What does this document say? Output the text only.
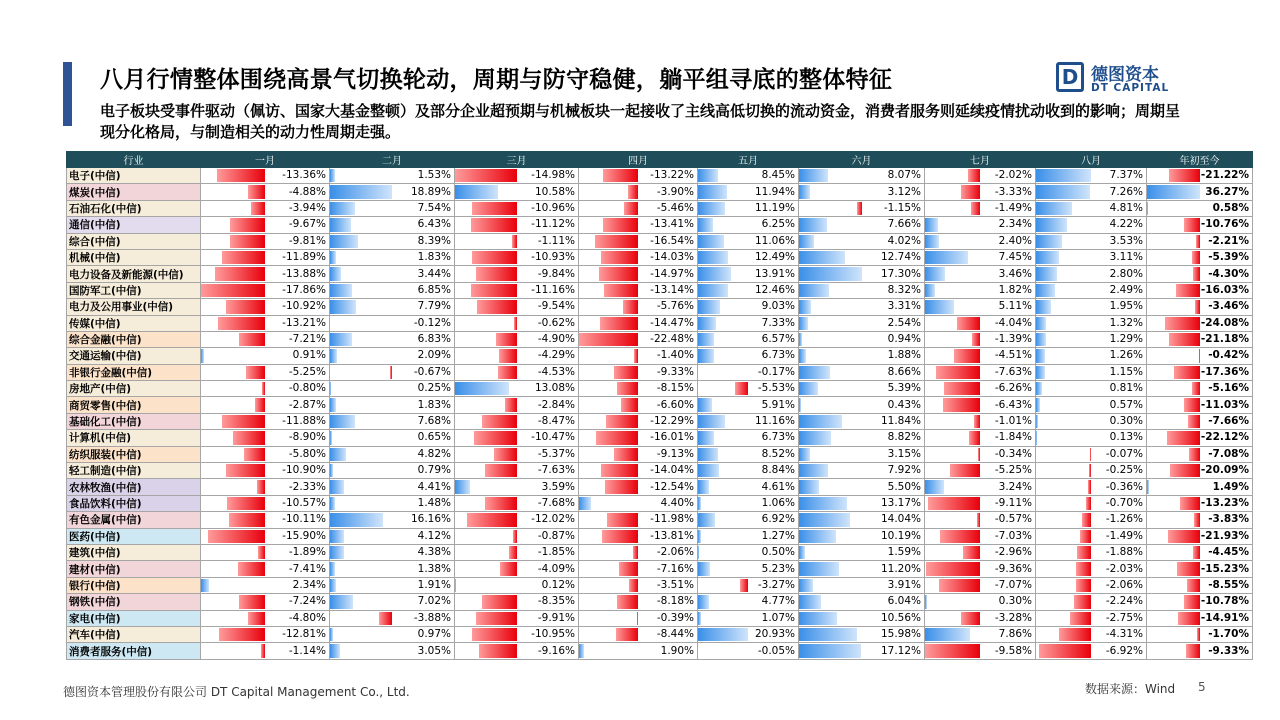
八月行情整体围绕高景气切换轮动，周期与防守稳健，躺平组寻底的整体特征
电子板块受事件驱动（佩访、国家大基金整顿）及部分企业超预期与机械板块一起接收了主线高低切换的流动资金，消费者服务则延续疫情扰动收到的影响；周期呈现分化格局，与制造相关的动力性周期走强。
D 德图资本
DT CAPITAL
行业	一月	二月	三月	四月	五月	六月	七月	八月	年初至今
电子(中信)	-13.36%	1.53%	-14.98%	-13.22%	8.45%	8.07%	-2.02%	7.37%	-21.22%

煤炭(中信)	-4.88%	18.89%	10.58%	-3.90%	11.94%	3.12%	-3.33%	7.26%	36.27%

石油石化(中信)	-3.94%	7.54%	-10.96%	-5.46%	11.19%	-1.15%	-1.49%	4.81%	0.58%

通信(中信)	-9.67%	6.43%	-11.12%	-13.41%	6.25%	7.66%	2.34%	4.22%	-10.76%

综合(中信)	-9.81%	8.39%	-1.11%	-16.54%	11.06%	4.02%	2.40%	3.53%	-2.21%

机械(中信)	-11.89%	1.83%	-10.93%	-14.03%	12.49%	12.74%	7.45%	3.11%	-5.39%

电力设备及新能源(中信)	-13.88%	3.44%	-9.84%	-14.97%	13.91%	17.30%	3.46%	2.80%	-4.30%

国防军工(中信)	-17.86%	6.85%	-11.16%	-13.14%	12.46%	8.32%	1.82%	2.49%	-16.03%

电力及公用事业(中信)	-10.92%	7.79%	-9.54%	-5.76%	9.03%	3.31%	5.11%	1.95%	-3.46%

传媒(中信)	-13.21%	-0.12%	-0.62%	-14.47%	7.33%	2.54%	-4.04%	1.32%	-24.08%

综合金融(中信)	-7.21%	6.83%	-4.90%	-22.48%	6.57%	0.94%	-1.39%	1.29%	-21.18%

交通运输(中信)	0.91%	2.09%	-4.29%	-1.40%	6.73%	1.88%	-4.51%	1.26%	-0.42%

非银行金融(中信)	-5.25%	-0.67%	-4.53%	-9.33%	-0.17%	8.66%	-7.63%	1.15%	-17.36%

房地产(中信)	-0.80%	0.25%	13.08%	-8.15%	-5.53%	5.39%	-6.26%	0.81%	-5.16%

商贸零售(中信)	-2.87%	1.83%	-2.84%	-6.60%	5.91%	0.43%	-6.43%	0.57%	-11.03%

基础化工(中信)	-11.88%	7.68%	-8.47%	-12.29%	11.16%	11.84%	-1.01%	0.30%	-7.66%

计算机(中信)	-8.90%	0.65%	-10.47%	-16.01%	6.73%	8.82%	-1.84%	0.13%	-22.12%

纺织服装(中信)	-5.80%	4.82%	-5.37%	-9.13%	8.52%	3.15%	-0.34%	-0.07%	-7.08%

轻工制造(中信)	-10.90%	0.79%	-7.63%	-14.04%	8.84%	7.92%	-5.25%	-0.25%	-20.09%

农林牧渔(中信)	-2.33%	4.41%	3.59%	-12.54%	4.61%	5.50%	3.24%	-0.36%	1.49%

食品饮料(中信)	-10.57%	1.48%	-7.68%	4.40%	1.06%	13.17%	-9.11%	-0.70%	-13.23%

有色金属(中信)	-10.11%	16.16%	-12.02%	-11.98%	6.92%	14.04%	-0.57%	-1.26%	-3.83%

医药(中信)	-15.90%	4.12%	-0.87%	-13.81%	1.27%	10.19%	-7.03%	-1.49%	-21.93%

建筑(中信)	-1.89%	4.38%	-1.85%	-2.06%	0.50%	1.59%	-2.96%	-1.88%	-4.45%

建材(中信)	-7.41%	1.38%	-4.09%	-7.16%	5.23%	11.20%	-9.36%	-2.03%	-15.23%

银行(中信)	2.34%	1.91%	0.12%	-3.51%	-3.27%	3.91%	-7.07%	-2.06%	-8.55%

钢铁(中信)	-7.24%	7.02%	-8.35%	-8.18%	4.77%	6.04%	0.30%	-2.24%	-10.78%

家电(中信)	-4.80%	-3.88%	-9.91%	-0.39%	1.07%	10.56%	-3.28%	-2.75%	-14.91%

汽车(中信)	-12.81%	0.97%	-10.95%	-8.44%	20.93%	15.98%	7.86%	-4.31%	-1.70%

消费者服务(中信)	-1.14%	3.05%	-9.16%	1.90%	-0.05%	17.12%	-9.58%	-6.92%	-9.33%
德图资本管理股份有限公司 DT Capital Management Co., Ltd.	数据来源：Wind 5
